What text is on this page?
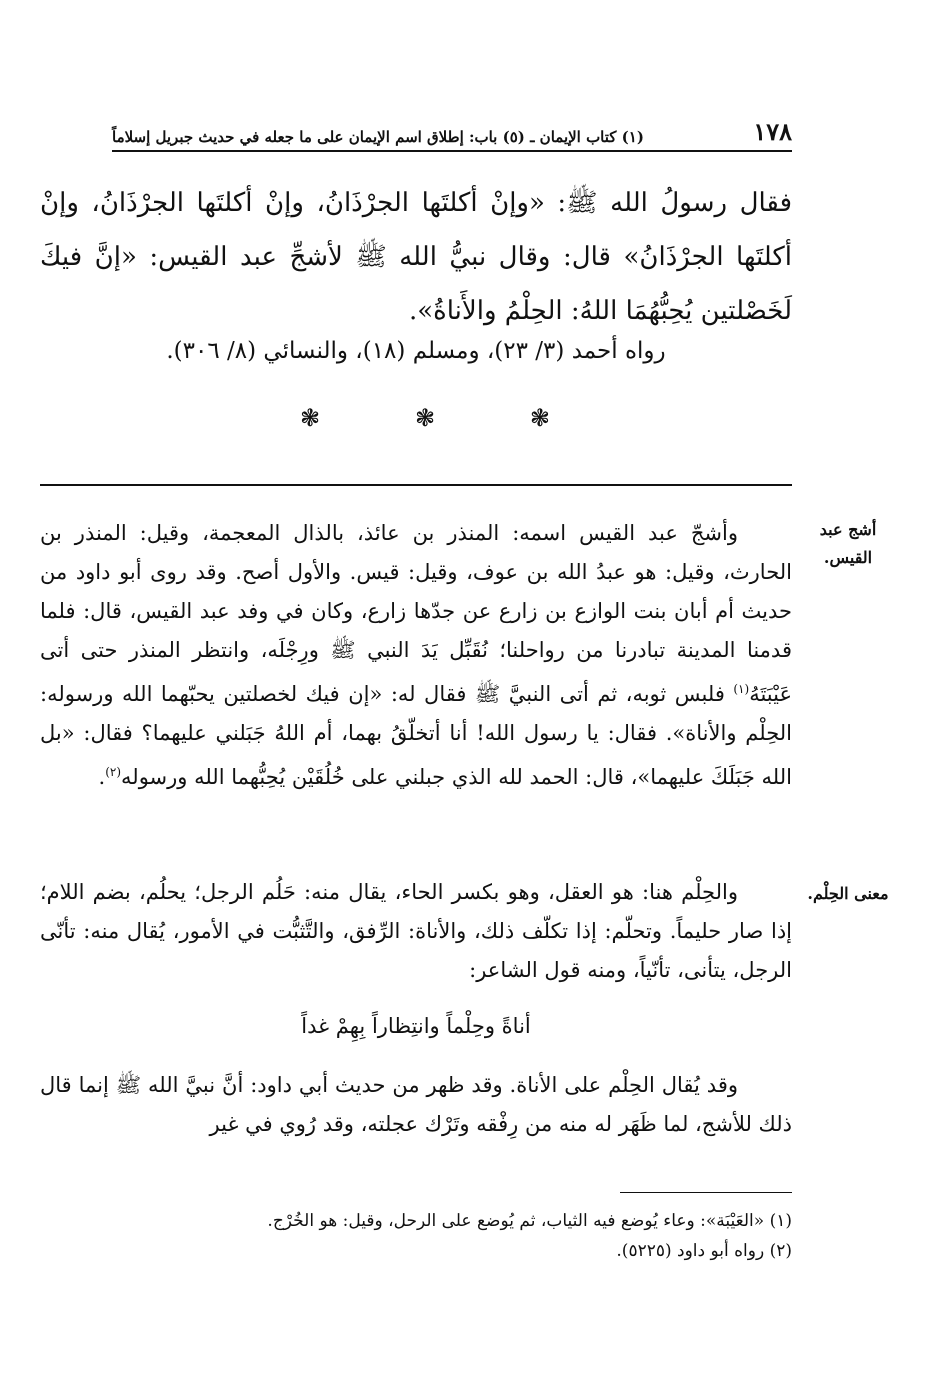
١٧٨
(١) كتاب الإيمان ـ (٥) باب: إطلاق اسم الإيمان على ما جعله في حديث جبريل إسلاماً

فقال رسولُ الله ﷺ: «وإنْ أكلتَها الجرْذَانُ، وإنْ أكلتَها الجرْذَانُ، وإنْ أكلتَها الجرْذَانُ» قال: وقال نبيُّ الله ﷺ لأشجِّ عبد القيس: «إنَّ فيكَ لَخَصْلتين يُحِبُّهُمَا اللهُ: الحِلْمُ والأَناةُ».

رواه أحمد (٣/ ٢٣)، ومسلم (١٨)، والنسائي (٨/ ٣٠٦).
❃
❃
❃
أشج عبد القيس.
وأشجّ عبد القيس اسمه: المنذر بن عائذ، بالذال المعجمة، وقيل: المنذر بن الحارث، وقيل: هو عبدُ الله بن عوف، وقيل: قيس. والأول أصح. وقد روى أبو داود من حديث أم أبان بنت الوازع بن زارع عن جدّها زارع، وكان في وفد عبد القيس، قال: فلما قدمنا المدينة تبادرنا من رواحلنا؛ نُقَبِّل يَدَ النبي ﷺ ورِجْلَه، وانتظر المنذر حتى أتى عَيْبَتَهُ$^{(١)}$ فلبس ثوبه، ثم أتى النبيَّ ﷺ فقال له: «إن فيك لخصلتين يحبّهما الله ورسوله: الحِلْم والأناة». فقال: يا رسول الله! أنا أتخلّقُ بهما، أم اللهُ جَبَلني عليهما؟ فقال: «بل الله جَبَلَكَ عليهما»، قال: الحمد لله الذي جبلني على خُلُقَيْن يُحِبُّهما الله ورسوله$^{(٢)}$.
معنى الحِلْم.
والحِلْم هنا: هو العقل، وهو بكسر الحاء، يقال منه: حَلُم الرجل؛ يحلُم، بضم اللام؛ إذا صار حليماً. وتحلّم: إذا تكلّف ذلك، والأناة: الرِّفق، والتَّثبُّت في الأمور، يُقال منه: تأنّى الرجل، يتأنى، تأنّياً، ومنه قول الشاعر:
أناةً وحِلْماً وانتِظاراً بِهِمْ غداً
وقد يُقال الحِلْم على الأناة. وقد ظهر من حديث أبي داود: أنَّ نبيَّ الله ﷺ إنما قال ذلك للأشج، لما ظَهَر له منه من رِفْقه وتَرْك عجلته، وقد رُوي في غير
(١) «العَيْبَة»: وعاء يُوضع فيه الثياب، ثم يُوضع على الرحل، وقيل: هو الخُرْج.
(٢) رواه أبو داود (٥٢٢٥).
